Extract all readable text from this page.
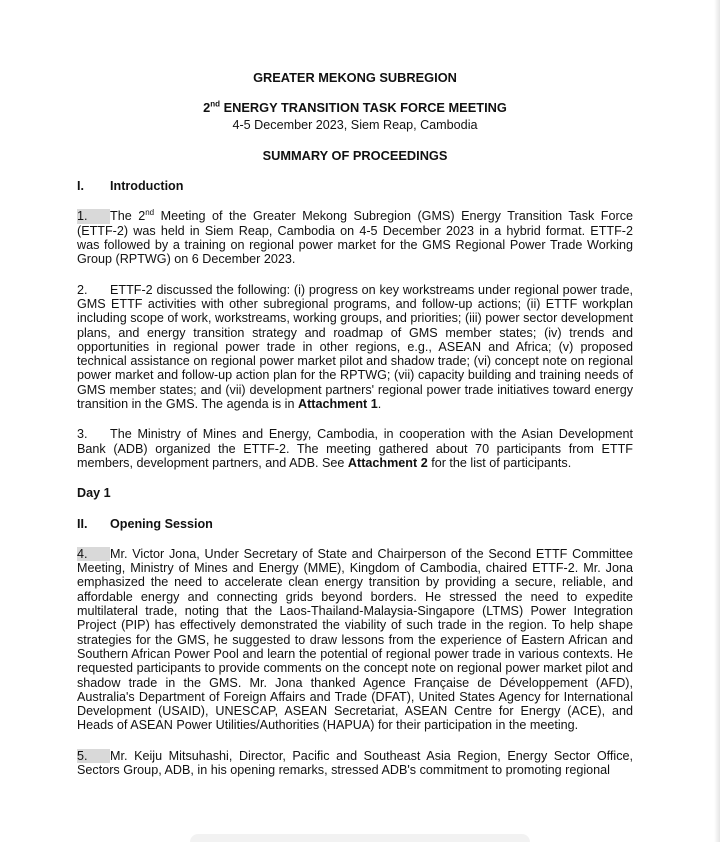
GREATER MEKONG SUBREGION

2nd ENERGY TRANSITION TASK FORCE MEETING

4-5 December 2023, Siem Reap, Cambodia

SUMMARY OF PROCEEDINGS

I. Introduction

1. The 2nd Meeting of the Greater Mekong Subregion (GMS) Energy Transition Task Force (ETTF-2) was held in Siem Reap, Cambodia on 4-5 December 2023 in a hybrid format. ETTF-2 was followed by a training on regional power market for the GMS Regional Power Trade Working Group (RPTWG) on 6 December 2023.

2. ETTF-2 discussed the following: (i) progress on key workstreams under regional power trade, GMS ETTF activities with other subregional programs, and follow-up actions; (ii) ETTF workplan including scope of work, workstreams, working groups, and priorities; (iii) power sector development plans, and energy transition strategy and roadmap of GMS member states; (iv) trends and opportunities in regional power trade in other regions, e.g., ASEAN and Africa; (v) proposed technical assistance on regional power market pilot and shadow trade; (vi) concept note on regional power market and follow-up action plan for the RPTWG; (vii) capacity building and training needs of GMS member states; and (vii) development partners' regional power trade initiatives toward energy transition in the GMS. The agenda is in Attachment 1.

3. The Ministry of Mines and Energy, Cambodia, in cooperation with the Asian Development Bank (ADB) organized the ETTF-2. The meeting gathered about 70 participants from ETTF members, development partners, and ADB. See Attachment 2 for the list of participants.

Day 1

II. Opening Session

4. Mr. Victor Jona, Under Secretary of State and Chairperson of the Second ETTF Committee Meeting, Ministry of Mines and Energy (MME), Kingdom of Cambodia, chaired ETTF-2. Mr. Jona emphasized the need to accelerate clean energy transition by providing a secure, reliable, and affordable energy and connecting grids beyond borders. He stressed the need to expedite multilateral trade, noting that the Laos-Thailand-Malaysia-Singapore (LTMS) Power Integration Project (PIP) has effectively demonstrated the viability of such trade in the region. To help shape strategies for the GMS, he suggested to draw lessons from the experience of Eastern African and Southern African Power Pool and learn the potential of regional power trade in various contexts. He requested participants to provide comments on the concept note on regional power market pilot and shadow trade in the GMS. Mr. Jona thanked Agence Française de Développement (AFD), Australia's Department of Foreign Affairs and Trade (DFAT), United States Agency for International Development (USAID), UNESCAP, ASEAN Secretariat, ASEAN Centre for Energy (ACE), and Heads of ASEAN Power Utilities/Authorities (HAPUA) for their participation in the meeting.

5. Mr. Keiju Mitsuhashi, Director, Pacific and Southeast Asia Region, Energy Sector Office, Sectors Group, ADB, in his opening remarks, stressed ADB's commitment to promoting regional
